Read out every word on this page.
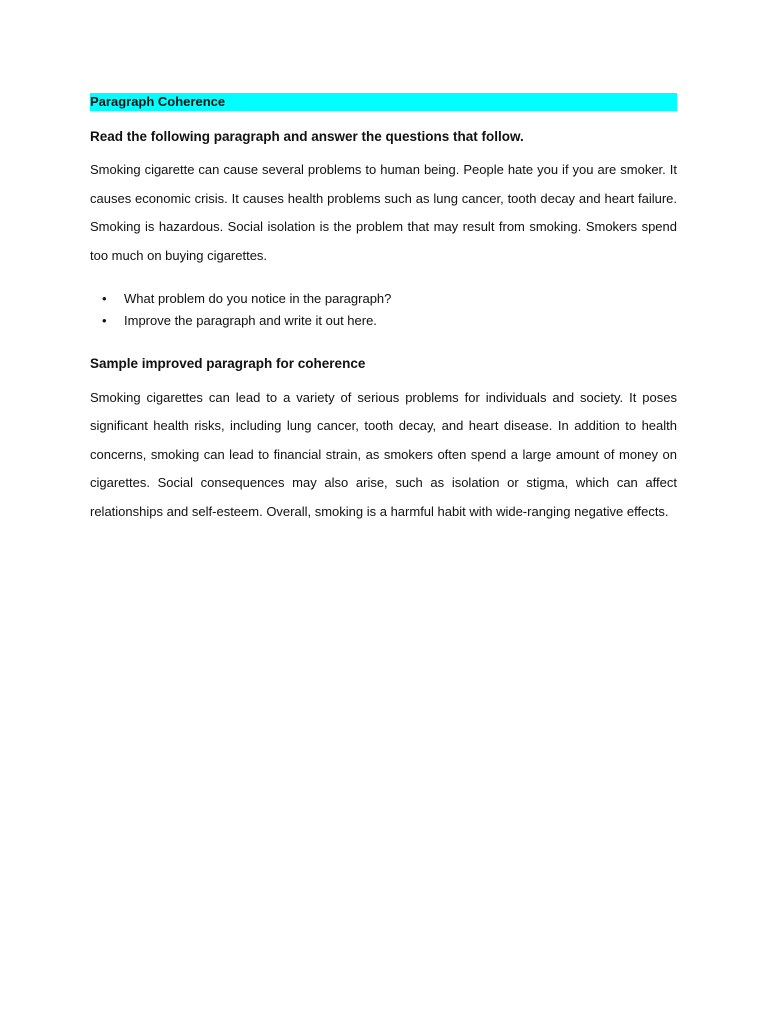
Paragraph Coherence

Read the following paragraph and answer the questions that follow.

Smoking cigarette can cause several problems to human being. People hate you if you are smoker. It causes economic crisis. It causes health problems such as lung cancer, tooth decay and heart failure. Smoking is hazardous. Social isolation is the problem that may result from smoking. Smokers spend too much on buying cigarettes.

• What problem do you notice in the paragraph?
• Improve the paragraph and write it out here.
Sample improved paragraph for coherence

Smoking cigarettes can lead to a variety of serious problems for individuals and society. It poses significant health risks, including lung cancer, tooth decay, and heart disease. In addition to health concerns, smoking can lead to financial strain, as smokers often spend a large amount of money on cigarettes. Social consequences may also arise, such as isolation or stigma, which can affect relationships and self-esteem. Overall, smoking is a harmful habit with wide-ranging negative effects.
